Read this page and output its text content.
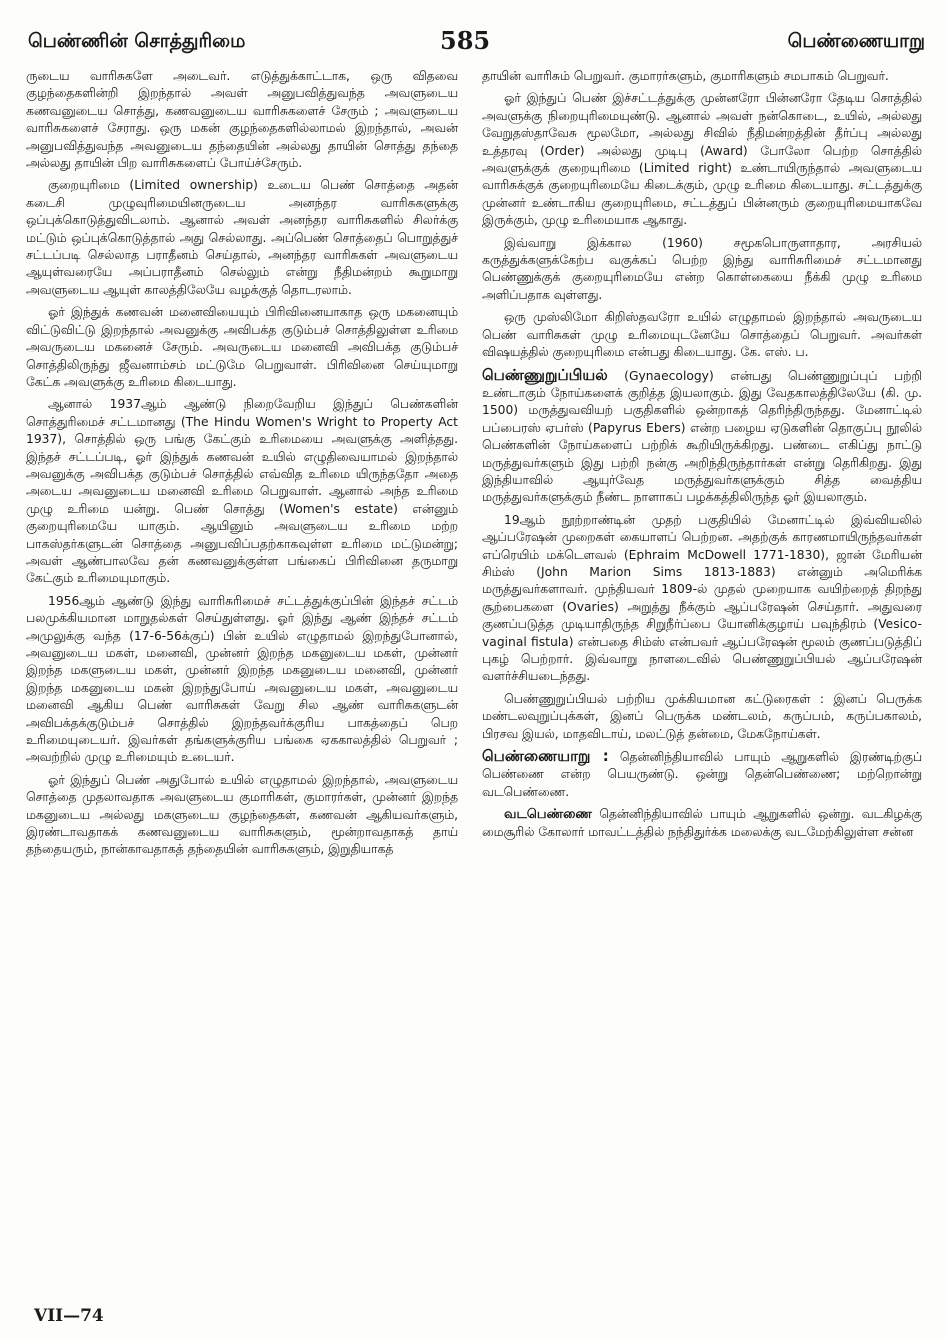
பெண்ணின் சொத்துரிமை	585	பெண்ணையாறு

ருடைய வாரிசுகளே அடைவர். எடுத்துக்காட்டாக, ஒரு விதவை குழந்தைகளின்றி இறந்தால் அவள் அனுபவித்துவந்த அவளுடைய கணவனுடைய சொத்து, கணவனுடைய வாரிசுகளைச் சேரும் ; அவளுடைய வாரிசுகளைச் சேராது. ஒரு மகன் குழந்தைகளில்லாமல் இறந்தால், அவன் அனுபவித்துவந்த அவனுடைய தந்தையின் அல்லது தாயின் சொத்து தந்தை அல்லது தாயின் பிற வாரிசுகளைப் போய்ச்சேரும்.

குறையுரிமை (Limited ownership) உடைய பெண் சொத்தை அதன் கடைசி முழுவுரிமையினருடைய அனந்தர வாரிசுகளுக்கு ஒப்புக்கொடுத்துவிடலாம். ஆனால் அவள் அனந்தர வாரிசுகளில் சிலர்க்கு மட்டும் ஒப்புக்கொடுத்தால் அது செல்லாது. அப்பெண் சொத்தைப் பொறுத்துச் சட்டப்படி செல்லாத பராதீனம் செய்தால், அனந்தர வாரிசுகள் அவளுடைய ஆயுள்வரையே அப்பராதீனம் செல்லும் என்று நீதிமன்றம் கூறுமாறு அவளுடைய ஆயுள் காலத்திலேயே வழக்குத் தொடரலாம்.

ஓர் இந்துக் கணவன் மனைவியையும் பிரிவினையாகாத ஒரு மகனையும் விட்டுவிட்டு இறந்தால் அவனுக்கு அவிபக்த குடும்பச் சொத்திலுள்ள உரிமை அவருடைய மகனைச் சேரும். அவருடைய மனைவி அவிபக்த குடும்பச் சொத்திலிருந்து ஜீவனாம்சம் மட்டுமே பெறுவாள். பிரிவினை செய்யுமாறு கேட்க அவளுக்கு உரிமை கிடையாது.

ஆனால் 1937ஆம் ஆண்டு நிறைவேறிய இந்துப் பெண்களின் சொத்துரிமைச் சட்டமானது (The Hindu Women's Wright to Property Act 1937), சொத்தில் ஒரு பங்கு கேட்கும் உரிமையை அவளுக்கு அளித்தது. இந்தச் சட்டப்படி, ஓர் இந்துக் கணவன் உயில் எழுதிவையாமல் இறந்தால் அவனுக்கு அவிபக்த குடும்பச் சொத்தில் எவ்வித உரிமை யிருந்ததோ அதை அடைய அவனுடைய மனைவி உரிமை பெறுவாள். ஆனால் அந்த உரிமை முழு உரிமை யன்று. பெண் சொத்து (Women's estate) என்னும் குறையுரிமையே யாகும். ஆயினும் அவளுடைய உரிமை மற்ற பாகஸ்தர்களுடன் சொத்தை அனுபவிப்பதற்காகவுள்ள உரிமை மட்டுமன்று; அவள் ஆண்பாலவே தன் கணவனுக்குள்ள பங்கைப் பிரிவினை தருமாறு கேட்கும் உரிமையுமாகும்.

1956ஆம் ஆண்டு இந்து வாரிசுரிமைச் சட்டத்துக்குப்பின் இந்தச் சட்டம் பலமுக்கியமான மாறுதல்கள் செய்துள்ளது. ஓர் இந்து ஆண் இந்தச் சட்டம் அமுலுக்கு வந்த (17-6-56க்குப்) பின் உயில் எழுதாமல் இறந்துபோனால், அவனுடைய மகள், மனைவி, முன்னர் இறந்த மகனுடைய மகள், முன்னர் இறந்த மகளுடைய மகள், முன்னர் இறந்த மகனுடைய மனைவி, முன்னர் இறந்த மகனுடைய மகன் இறந்துபோய் அவனுடைய மகள், அவனுடைய மனைவி ஆகிய பெண் வாரிசுகள் வேறு சில ஆண் வாரிசுகளுடன் அவிபக்தக்குடும்பச் சொத்தில் இறந்தவர்க்குரிய பாகத்தைப் பெற உரிமையுடையர். இவர்கள் தங்களுக்குரிய பங்கை ஏககாலத்தில் பெறுவர் ; அவற்றில் முழு உரிமையும் உடையர்.

ஓர் இந்துப் பெண் அதுபோல் உயில் எழுதாமல் இறந்தால், அவளுடைய சொத்தை முதலாவதாக அவளுடைய குமாரிகள், குமாரர்கள், முன்னர் இறந்த மகனுடைய அல்லது மகளுடைய குழந்தைகள், கணவன் ஆகியவர்களும், இரண்டாவதாகக் கணவனுடைய வாரிசுகளும், மூன்றாவதாகத் தாய் தந்தையரும், நான்காவதாகத் தந்தையின் வாரிசுகளும், இறுதியாகத்

தாயின் வாரிசும் பெறுவர். குமாரர்களும், குமாரிகளும் சமபாகம் பெறுவர்.

ஓர் இந்துப் பெண் இச்சட்டத்துக்கு முன்னரோ பின்னரோ தேடிய சொத்தில் அவளுக்கு நிறையுரிமையுண்டு. ஆனால் அவள் நன்கொடை, உயில், அல்லது வேறுதஸ்தாவேசு மூலமோ, அல்லது சிவில் நீதிமன்றத்தின் தீர்ப்பு அல்லது உத்தரவு (Order) அல்லது முடிபு (Award) போலோ பெற்ற சொத்தில் அவளுக்குக் குறையுரிமை (Limited right) உண்டாயிருந்தால் அவளுடைய வாரிசுக்குக் குறையுரிமையே கிடைக்கும், முழு உரிமை கிடையாது. சட்டத்துக்கு முன்னர் உண்டாகிய குறையுரிமை, சட்டத்துப் பின்னரும் குறையுரிமையாகவே இருக்கும், முழு உரிமையாக ஆகாது.

இவ்வாறு இக்கால (1960) சமூகபொருளாதார, அரசியல் கருத்துக்களுக்கேற்ப வகுக்கப் பெற்ற இந்து வாரிசுரிமைச் சட்டமானது பெண்ணுக்குக் குறையுரிமையே என்ற கொள்கையை நீக்கி முழு உரிமை அளிப்பதாக வுள்ளது.

ஒரு முஸ்லிமோ கிறிஸ்தவரோ உயில் எழுதாமல் இறந்தால் அவருடைய பெண் வாரிசுகள் முழு உரிமையுடனேயே சொத்தைப் பெறுவர். அவர்கள் விஷயத்தில் குறையுரிமை என்பது கிடையாது. கே. எஸ். ப.

பெண்ணுறுப்பியல் (Gynaecology) என்பது பெண்ணுறுப்புப் பற்றி உண்டாகும் நோய்களைக் குறித்த இயலாகும். இது வேதகாலத்திலேயே (கி. மு. 1500) மருத்துவவியற் பகுதிகளில் ஒன்றாகத் தெரிந்திருந்தது. மேனாட்டில் பப்பைரஸ் ஏபர்ஸ் (Papyrus Ebers) என்ற பழைய ஏடுகளின் தொகுப்பு நூலில் பெண்களின் நோய்களைப் பற்றிக் கூறியிருக்கிறது. பண்டை எகிப்து நாட்டு மருத்துவர்களும் இது பற்றி நன்கு அறிந்திருந்தார்கள் என்று தெரிகிறது. இது இந்தியாவில் ஆயுர்வேத மருத்துவர்களுக்கும் சித்த வைத்திய மருத்துவர்களுக்கும் நீண்ட நாளாகப் பழக்கத்திலிருந்த ஓர் இயலாகும்.

19ஆம் நூற்றாண்டின் முதற் பகுதியில் மேனாட்டில் இவ்வியலில் ஆப்பரேஷன் முறைகள் கையாளப் பெற்றன. அதற்குக் காரணமாயிருந்தவர்கள் எப்ரெயிம் மக்டௌவல் (Ephraim McDowell 1771-1830), ஜான் மேரியன் சிம்ஸ் (John Marion Sims 1813-1883) என்னும் அமெரிக்க மருத்துவர்களாவர். முந்தியவர் 1809-ல் முதல் முறையாக வயிற்றைத் திறந்து சூற்பைகளை (Ovaries) அறுத்து நீக்கும் ஆப்பரேஷன் செய்தார். அதுவரை குணப்படுத்த முடியாதிருந்த சிறுநீர்ப்பை யோனிக்குழாய் பவுந்திரம் (Vesico-vaginal fistula) என்பதை சிம்ஸ் என்பவர் ஆப்பரேஷன் மூலம் குணப்படுத்திப் புகழ் பெற்றார். இவ்வாறு நாளடைவில் பெண்ணுறுப்பியல் ஆப்பரேஷன் வளர்ச்சியடைந்தது.

பெண்ணுறுப்பியல் பற்றிய முக்கியமான கட்டுரைகள் : இனப் பெருக்க மண்டலவுறுப்புக்கள், இனப் பெருக்க மண்டலம், கருப்பம், கருப்பகாலம், பிரசவ இயல், மாதவிடாய், மலட்டுத் தன்மை, மேகநோய்கள்.

பெண்ணையாறு : தென்னிந்தியாவில் பாயும் ஆறுகளில் இரண்டிற்குப் பெண்ணை என்ற பெயருண்டு. ஒன்று தென்பெண்ணை; மற்றொன்று வடபெண்ணை.

வடபெண்ணை தென்னிந்தியாவில் பாயும் ஆறுகளில் ஒன்று. வடகிழக்கு மைசூரில் கோலார் மாவட்டத்தில் நந்திதுர்க்க மலைக்கு வடமேற்கிலுள்ள சன்ன

VII—74
